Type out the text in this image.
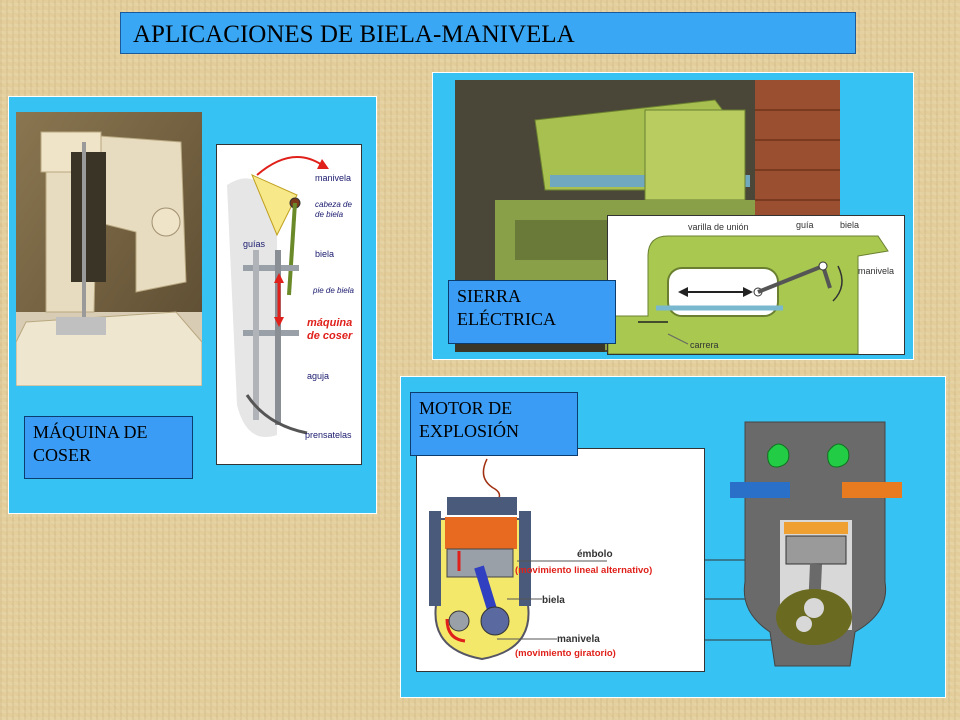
APLICACIONES DE BIELA-MANIVELA
manivela
cabeza de
de biela
guías
biela
pie de biela
máquina
de coser
aguja
prensatelas
MÁQUINA DE
COSER
varilla de unión	guía	biela
manivela
carrera
SIERRA
ELÉCTRICA
émbolo
(movimiento lineal alternativo)
biela
manivela
(movimiento giratorio)
MOTOR DE
EXPLOSIÓN
